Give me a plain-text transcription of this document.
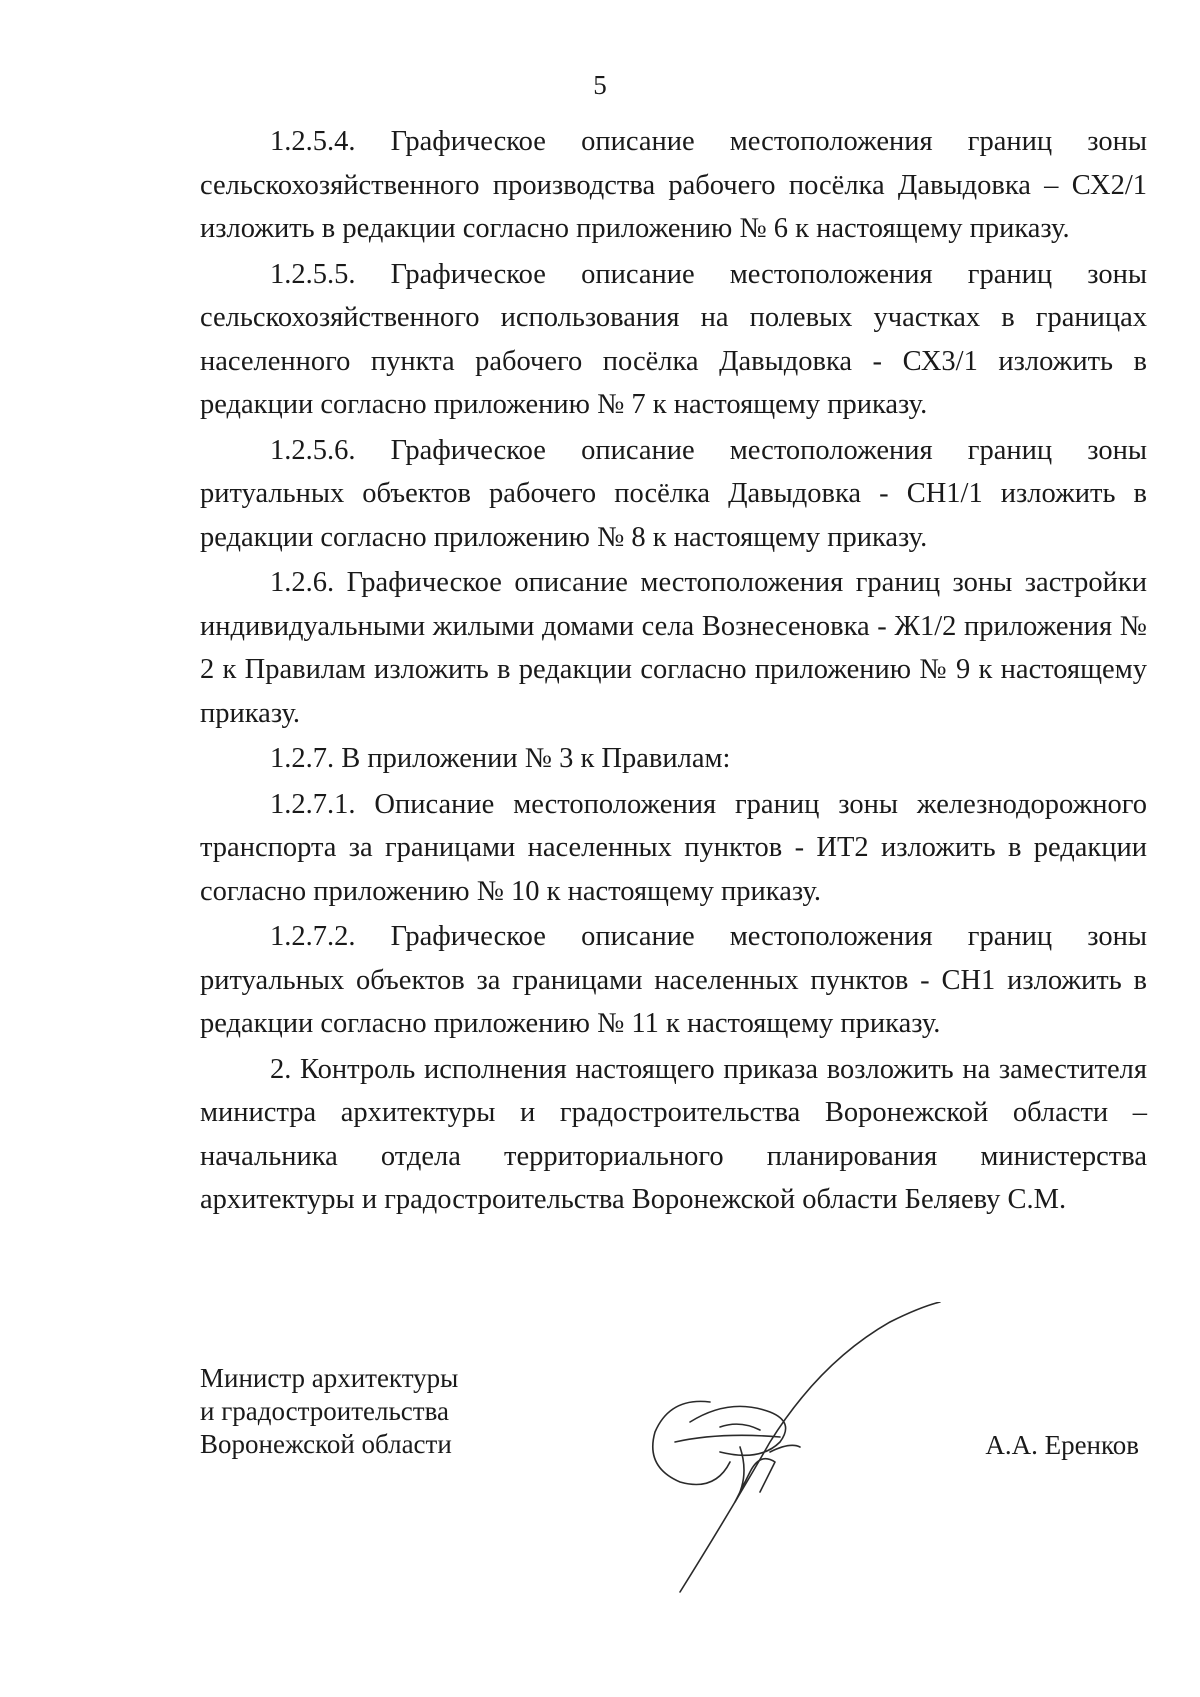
5

1.2.5.4. Графическое описание местоположения границ зоны сельскохозяйственного производства рабочего посёлка Давыдовка – СХ2/1 изложить в редакции согласно приложению № 6 к настоящему приказу.

1.2.5.5. Графическое описание местоположения границ зоны сельскохозяйственного использования на полевых участках в границах населенного пункта рабочего посёлка Давыдовка - СХ3/1 изложить в редакции согласно приложению № 7 к настоящему приказу.

1.2.5.6. Графическое описание местоположения границ зоны ритуальных объектов рабочего посёлка Давыдовка - СН1/1 изложить в редакции согласно приложению № 8 к настоящему приказу.

1.2.6. Графическое описание местоположения границ зоны застройки индивидуальными жилыми домами села Вознесеновка - Ж1/2 приложения № 2 к Правилам изложить в редакции согласно приложению № 9 к настоящему приказу.

1.2.7. В приложении № 3 к Правилам:

1.2.7.1. Описание местоположения границ зоны железнодорожного транспорта за границами населенных пунктов - ИТ2 изложить в редакции согласно приложению № 10 к настоящему приказу.

1.2.7.2. Графическое описание местоположения границ зоны ритуальных объектов за границами населенных пунктов - СН1 изложить в редакции согласно приложению № 11 к настоящему приказу.

2. Контроль исполнения настоящего приказа возложить на заместителя министра архитектуры и градостроительства Воронежской области – начальника отдела территориального планирования министерства архитектуры и градостроительства Воронежской области Беляеву С.М.

Министр архитектуры
и градостроительства
Воронежской области	А.А. Еренков
